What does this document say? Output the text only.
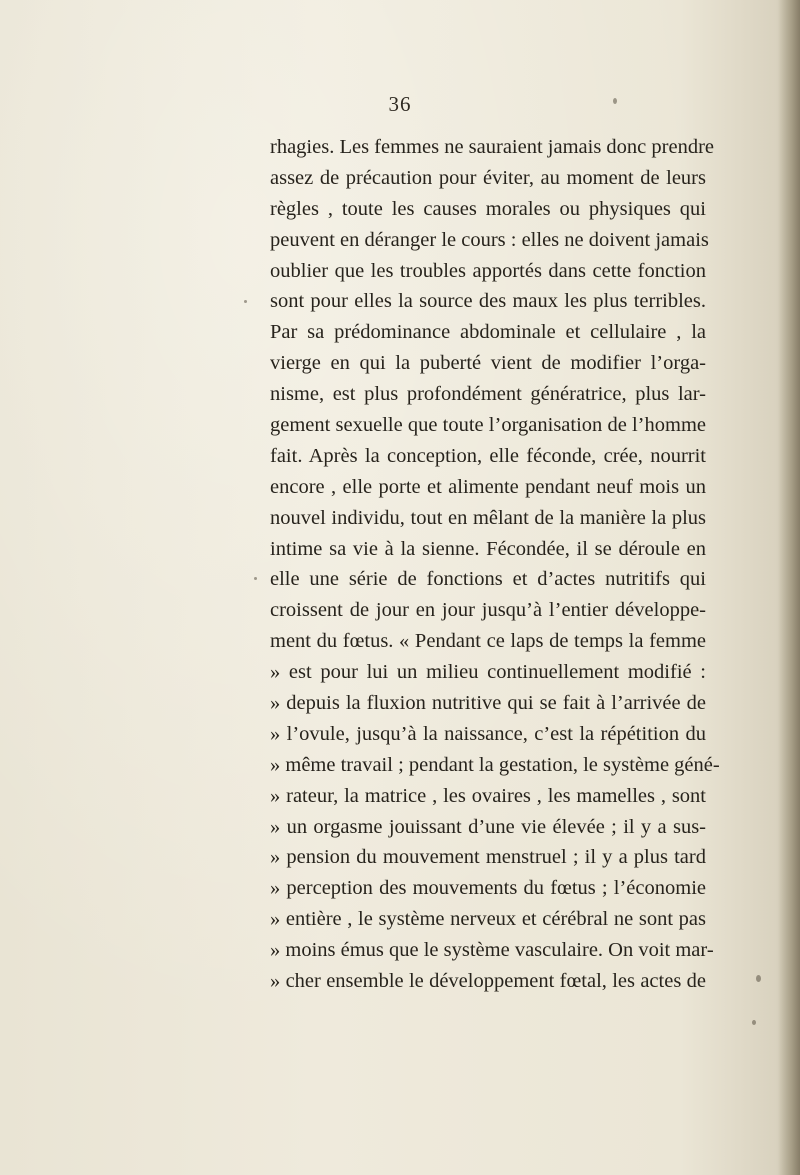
36
rhagies. Les femmes ne sauraient jamais donc prendre
assez de précaution pour éviter, au moment de leurs
règles , toute les causes morales ou physiques qui
peuvent en déranger le cours : elles ne doivent jamais
oublier que les troubles apportés dans cette fonction
sont pour elles la source des maux les plus terribles.
Par sa prédominance abdominale et cellulaire , la
vierge en qui la puberté vient de modifier l’orga-
nisme, est plus profondément génératrice, plus lar-
gement sexuelle que toute l’organisation de l’homme
fait. Après la conception, elle féconde, crée, nourrit
encore , elle porte et alimente pendant neuf mois un
nouvel individu, tout en mêlant de la manière la plus
intime sa vie à la sienne. Fécondée, il se déroule en
elle une série de fonctions et d’actes nutritifs qui
croissent de jour en jour jusqu’à l’entier développe-
ment du fœtus. « Pendant ce laps de temps la femme
» est pour lui un milieu continuellement modifié :
» depuis la fluxion nutritive qui se fait à l’arrivée de
» l’ovule, jusqu’à la naissance, c’est la répétition du
» même travail ; pendant la gestation, le système géné-
» rateur, la matrice , les ovaires , les mamelles , sont
» un orgasme jouissant d’une vie élevée ; il y a sus-
» pension du mouvement menstruel ; il y a plus tard
» perception des mouvements du fœtus ; l’économie
» entière , le système nerveux et cérébral ne sont pas
» moins émus que le système vasculaire. On voit mar-
» cher ensemble le développement fœtal, les actes de
